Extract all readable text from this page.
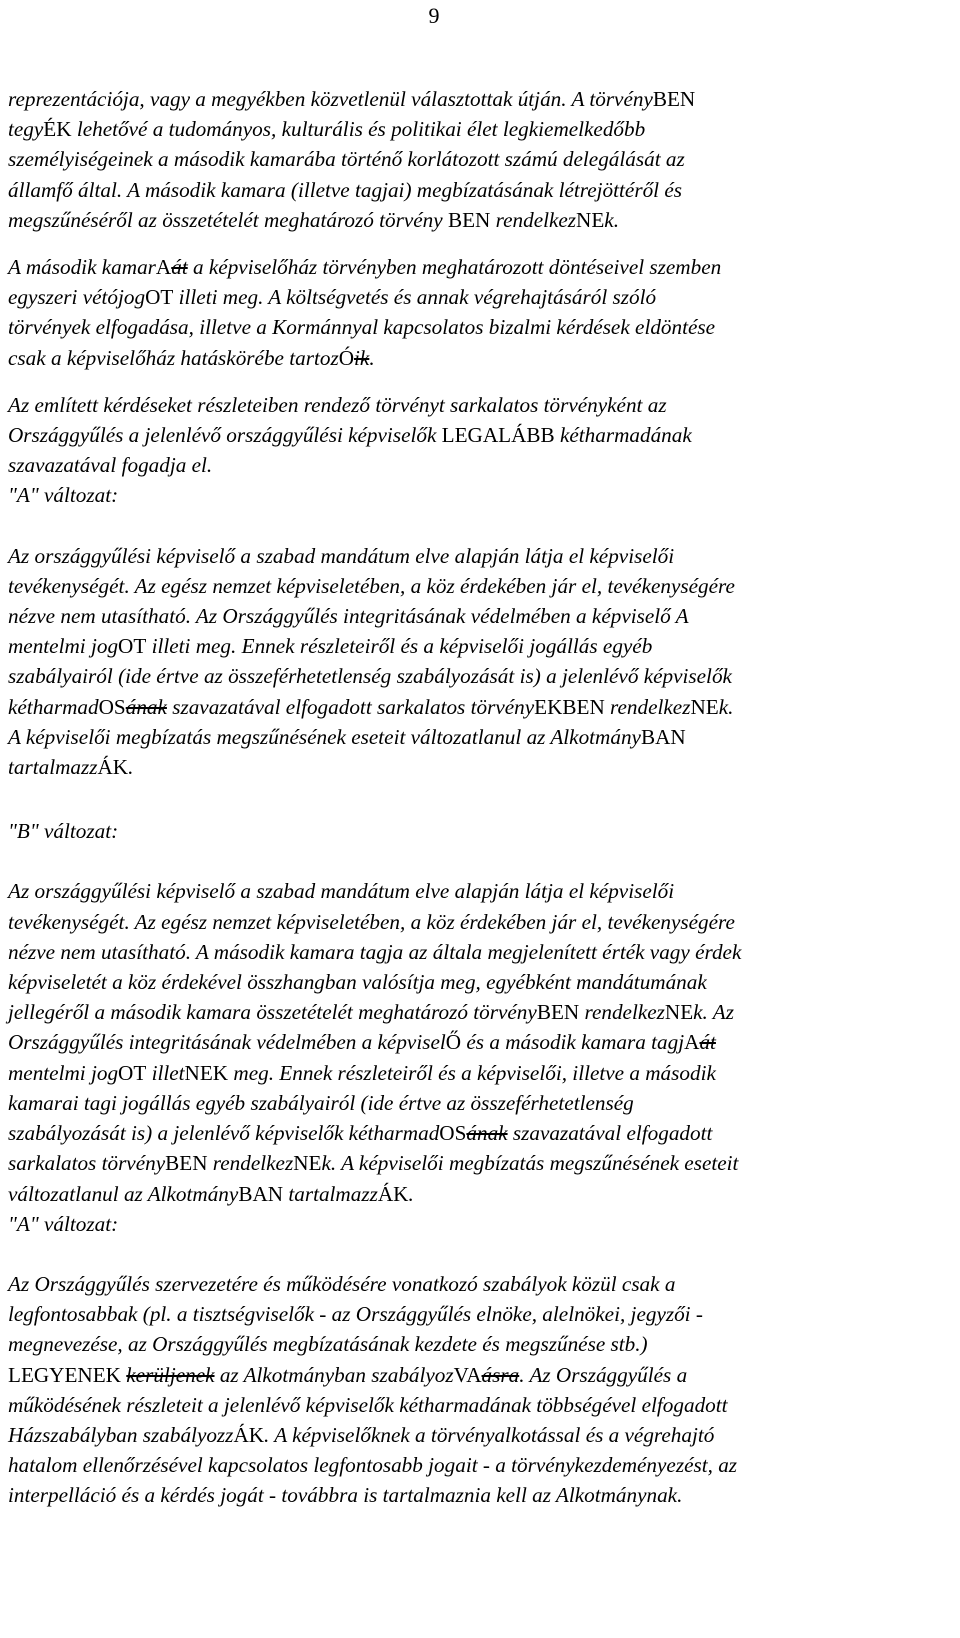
9

reprezentációja, vagy a megyékben közvetlenül választottak útján. A törvényBEN

tegyÉK lehetővé a tudományos, kulturális és politikai élet legkiemelkedőbb

személyiségeinek a második kamarába történő korlátozott számú delegálását az

államfő által. A második kamara (illetve tagjai) megbízatásának létrejöttéről és

megszűnéséről az összetételét meghatározó törvény BEN rendelkezNEk.

A második kamarAát a képviselőház törvényben meghatározott döntéseivel szemben

egyszeri vétójogOT illeti meg. A költségvetés és annak végrehajtásáról szóló

törvények elfogadása, illetve a Kormánnyal kapcsolatos bizalmi kérdések eldöntése

csak a képviselőház hatáskörébe tartozÓik.

Az említett kérdéseket részleteiben rendező törvényt sarkalatos törvényként az

Országgyűlés a jelenlévő országgyűlési képviselők LEGALÁBB kétharmadának

szavazatával fogadja el.

"A" változat:

Az országgyűlési képviselő a szabad mandátum elve alapján látja el képviselői

tevékenységét. Az egész nemzet képviseletében, a köz érdekében jár el, tevékenységére

nézve nem utasítható. Az Országgyűlés integritásának védelmében a képviselő A

mentelmi jogOT illeti meg. Ennek részleteiről és a képviselői jogállás egyéb

szabályairól (ide értve az összeférhetetlenség szabályozását is) a jelenlévő képviselők

kétharmadOSának szavazatával elfogadott sarkalatos törvényEKBEN rendelkezNEk.

A képviselői megbízatás megszűnésének eseteit változatlanul az AlkotmányBAN

tartalmazzÁK.

"B" változat:

Az országgyűlési képviselő a szabad mandátum elve alapján látja el képviselői

tevékenységét. Az egész nemzet képviseletében, a köz érdekében jár el, tevékenységére

nézve nem utasítható. A második kamara tagja az általa megjelenített érték vagy érdek

képviseletét a köz érdekével összhangban valósítja meg, egyébként mandátumának

jellegéről a második kamara összetételét meghatározó törvényBEN rendelkezNEk. Az

Országgyűlés integritásának védelmében a képviselŐ és a második kamara tagjAát

mentelmi jogOT illetNEK meg. Ennek részleteiről és a képviselői, illetve a második

kamarai tagi jogállás egyéb szabályairól (ide értve az összeférhetetlenség

szabályozását is) a jelenlévő képviselők kétharmadOSának szavazatával elfogadott

sarkalatos törvényBEN rendelkezNEk. A képviselői megbízatás megszűnésének eseteit

változatlanul az AlkotmányBAN tartalmazzÁK.

"A" változat:

Az Országgyűlés szervezetére és működésére vonatkozó szabályok közül csak a

legfontosabbak (pl. a tisztségviselők - az Országgyűlés elnöke, alelnökei, jegyzői -

megnevezése, az Országgyűlés megbízatásának kezdete és megszűnése stb.)

LEGYENEK kerüljenek az Alkotmányban szabályozVAásra. Az Országgyűlés a

működésének részleteit a jelenlévő képviselők kétharmadának többségével elfogadott

Házszabályban szabályozzÁK. A képviselőknek a törvényalkotással és a végrehajtó

hatalom ellenőrzésével kapcsolatos legfontosabb jogait - a törvénykezdeményezést, az

interpelláció és a kérdés jogát - továbbra is tartalmaznia kell az Alkotmánynak.
